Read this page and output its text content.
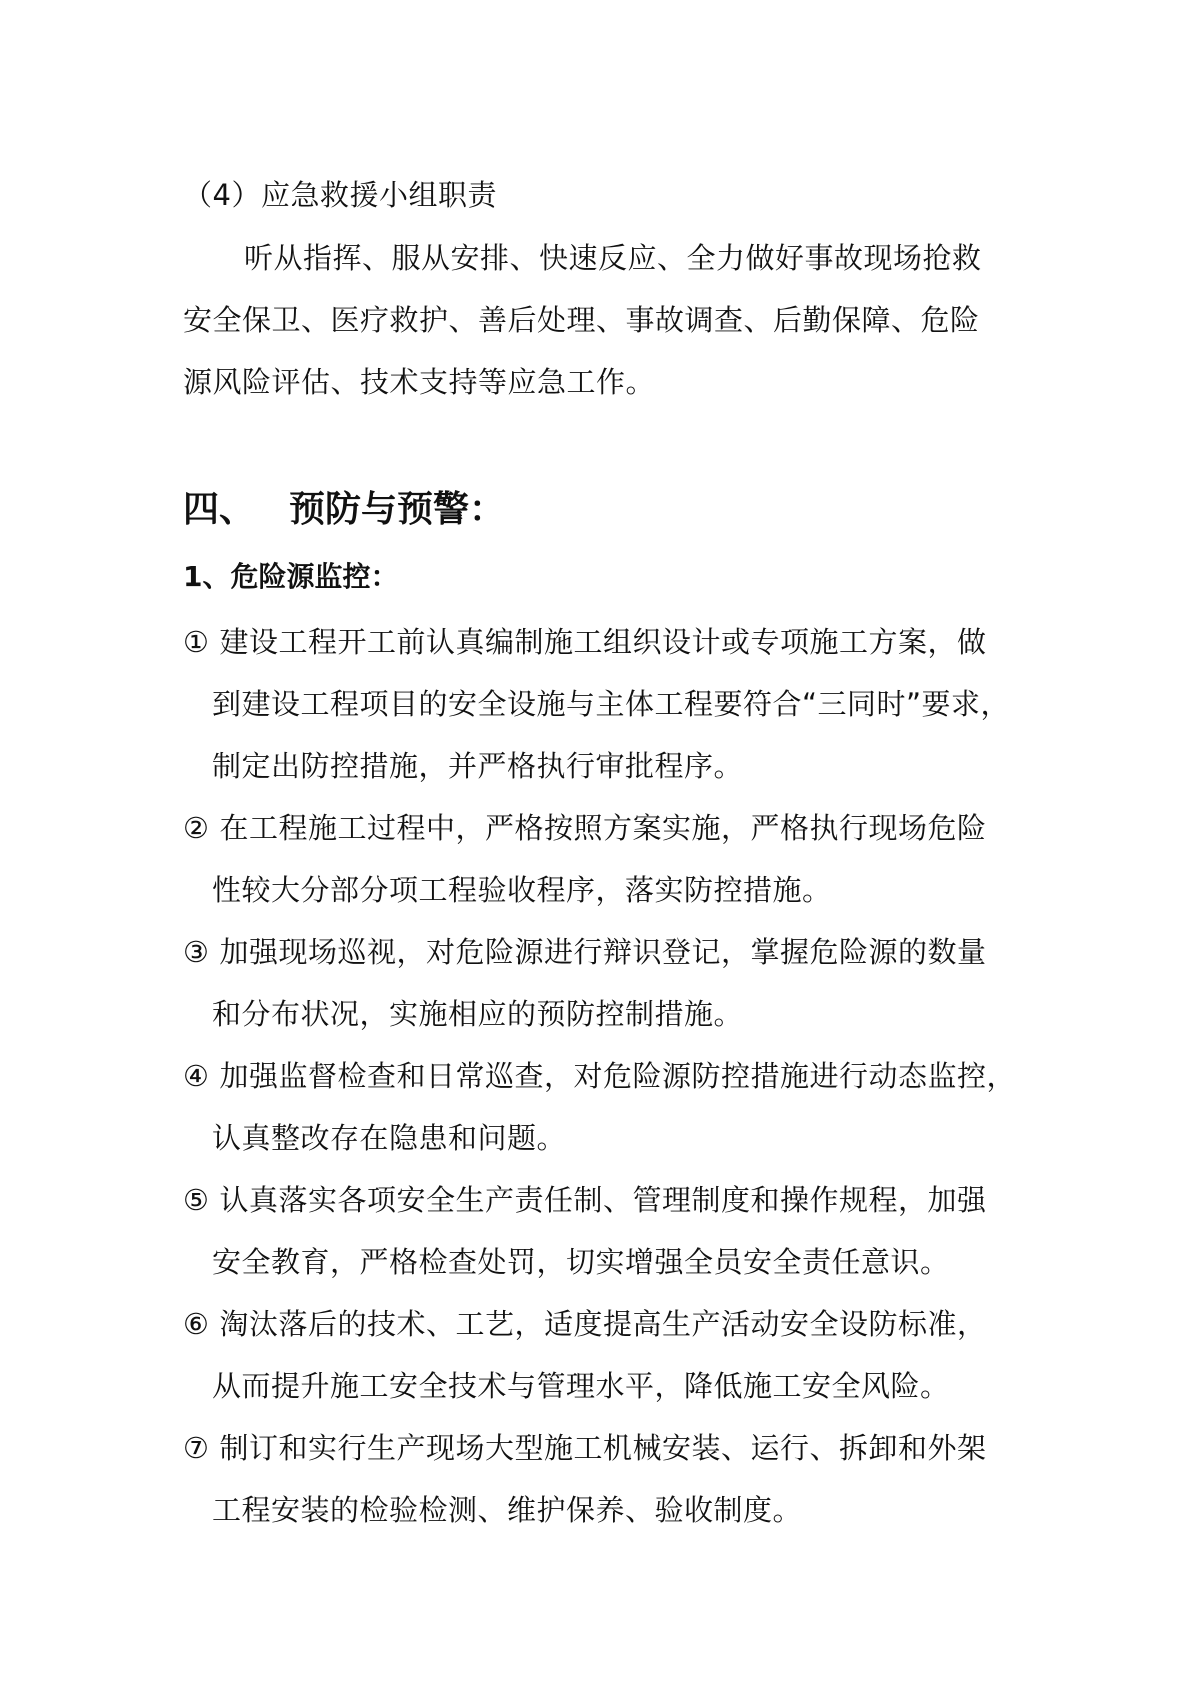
（4）应急救援小组职责
听从指挥、服从安排、快速反应、全力做好事故现场抢救
安全保卫、医疗救护、善后处理、事故调查、后勤保障、危险
源风险评估、技术支持等应急工作。
四、 预防与预警：
1、危险源监控：
① 建设工程开工前认真编制施工组织设计或专项施工方案，做
到建设工程项目的安全设施与主体工程要符合“三同时”要求，
制定出防控措施，并严格执行审批程序。
② 在工程施工过程中，严格按照方案实施，严格执行现场危险
性较大分部分项工程验收程序，落实防控措施。
③ 加强现场巡视，对危险源进行辩识登记，掌握危险源的数量
和分布状况，实施相应的预防控制措施。
④ 加强监督检查和日常巡查，对危险源防控措施进行动态监控，
认真整改存在隐患和问题。
⑤ 认真落实各项安全生产责任制、管理制度和操作规程，加强
安全教育，严格检查处罚，切实增强全员安全责任意识。
⑥ 淘汰落后的技术、工艺，适度提高生产活动安全设防标准，
从而提升施工安全技术与管理水平，降低施工安全风险。
⑦ 制订和实行生产现场大型施工机械安装、运行、拆卸和外架
工程安装的检验检测、维护保养、验收制度。
